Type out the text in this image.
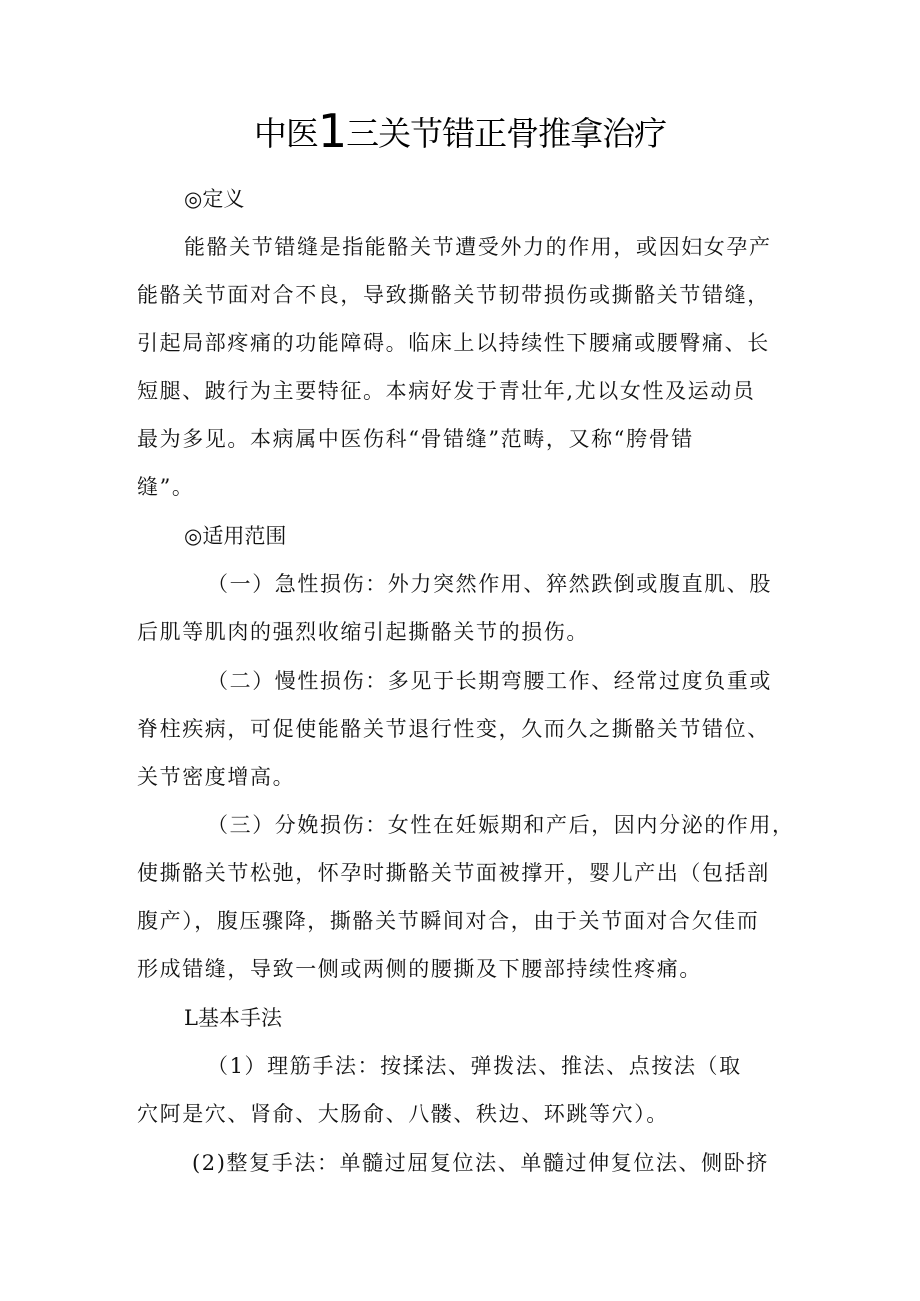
中医1三关节错正骨推拿治疗
◎定义
能骼关节错缝是指能骼关节遭受外力的作用，或因妇女孕产
能骼关节面对合不良，导致撕骼关节韧带损伤或撕骼关节错缝，
引起局部疼痛的功能障碍。临床上以持续性下腰痛或腰臀痛、长
短腿、跛行为主要特征。本病好发于青壮年,尤以女性及运动员
最为多见。本病属中医伤科“骨错缝”范畴，又称“胯骨错
缝”。
◎适用范围
（一）急性损伤：外力突然作用、猝然跌倒或腹直肌、股
后肌等肌肉的强烈收缩引起撕骼关节的损伤。
（二）慢性损伤：多见于长期弯腰工作、经常过度负重或
脊柱疾病，可促使能骼关节退行性变，久而久之撕骼关节错位、
关节密度增高。
（三）分娩损伤：女性在妊娠期和产后，因内分泌的作用，
使撕骼关节松弛，怀孕时撕骼关节面被撑开，婴儿产出（包括剖
腹产），腹压骤降，撕骼关节瞬间对合，由于关节面对合欠佳而
形成错缝，导致一侧或两侧的腰撕及下腰部持续性疼痛。
L基本手法
（1）理筋手法：按揉法、弹拨法、推法、点按法（取
穴阿是穴、肾俞、大肠俞、八髅、秩边、环跳等穴）。
(2)整复手法：单髓过屈复位法、单髓过伸复位法、侧卧挤
